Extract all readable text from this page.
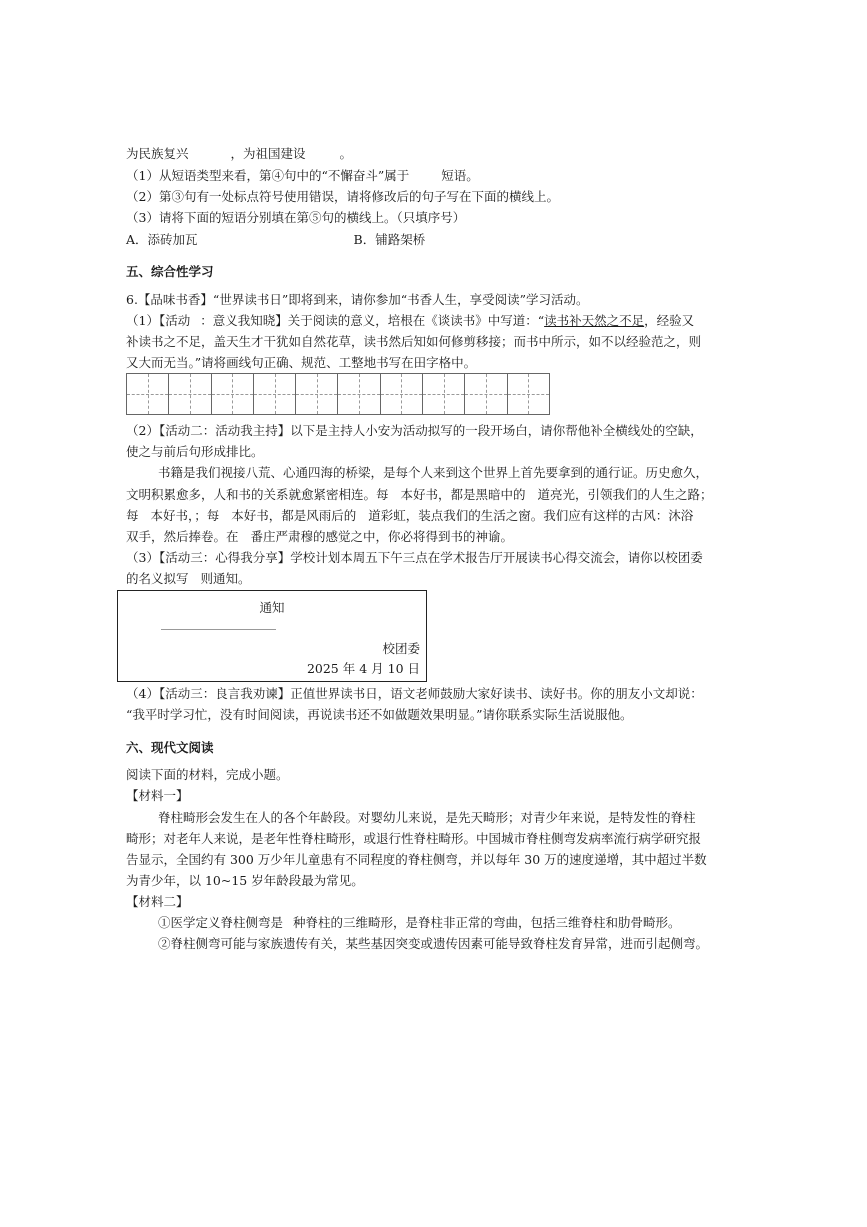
为民族复兴	，为祖国建设	。
（1）从短语类型来看，第④句中的“不懈奋斗”属于	短语。
（2）第③句有一处标点符号使用错误，请将修改后的句子写在下面的横线上。
（3）请将下面的短语分别填在第⑤句的横线上。（只填序号）
A．添砖加瓦	B．铺路架桥
五、综合性学习
6.【品味书香】“世界读书日”即将到来，请你参加“书香人生，享受阅读”学习活动。
（1）【活动 ：意义我知晓】关于阅读的意义，培根在《谈读书》中写道：“读书补天然之不足，经验又
补读书之不足，盖天生才干犹如自然花草，读书然后知如何修剪移接；而书中所示，如不以经验范之，则
又大而无当。”请将画线句正确、规范、工整地书写在田字格中。
（2）【活动二：活动我主持】以下是主持人小安为活动拟写的一段开场白，请你帮他补全横线处的空缺，
使之与前后句形成排比。
书籍是我们视接八荒、心通四海的桥梁，是每个人来到这个世界上首先要拿到的通行证。历史愈久，
文明积累愈多，人和书的关系就愈紧密相连。每 本好书，都是黑暗中的 道亮光，引领我们的人生之路；
每 本好书，；每 本好书，都是风雨后的 道彩虹，装点我们的生活之窗。我们应有这样的古风：沐浴
双手，然后捧卷。在 番庄严肃穆的感觉之中，你必将得到书的神谕。
（3）【活动三：心得我分享】学校计划本周五下午三点在学术报告厅开展读书心得交流会，请你以校团委
的名义拟写 则通知。
通知
校团委
2025 年 4 月 10 日
（4）【活动三：良言我劝谏】正值世界读书日，语文老师鼓励大家好读书、读好书。你的朋友小文却说：
“我平时学习忙，没有时间阅读，再说读书还不如做题效果明显。”请你联系实际生活说服他。
六、现代文阅读
阅读下面的材料，完成小题。
【材料一】
脊柱畸形会发生在人的各个年龄段。对婴幼儿来说，是先天畸形；对青少年来说，是特发性的脊柱
畸形；对老年人来说，是老年性脊柱畸形，或退行性脊柱畸形。中国城市脊柱侧弯发病率流行病学研究报
告显示，全国约有 300 万少年儿童患有不同程度的脊柱侧弯，并以每年 30 万的速度递增，其中超过半数
为青少年，以 10~15 岁年龄段最为常见。
【材料二】
①医学定义脊柱侧弯是 种脊柱的三维畸形，是脊柱非正常的弯曲，包括三维脊柱和肋骨畸形。
②脊柱侧弯可能与家族遗传有关，某些基因突变或遗传因素可能导致脊柱发育异常，进而引起侧弯。
